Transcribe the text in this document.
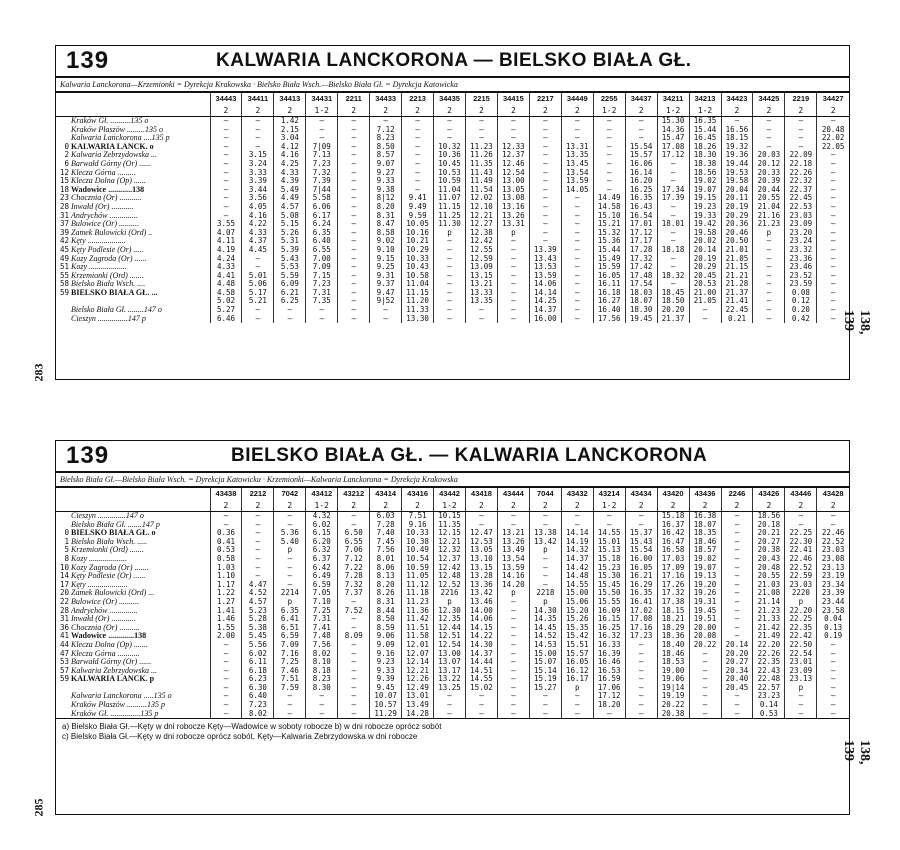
283
138, 139
139	KALWARIA LANCKORONA — BIELSKO BIAŁA GŁ.
Kalwaria Lanckorona—Krzemionki = Dyrekcja Krakowska · Bielsko Biała Wsch.—Bielsko Biała Gł. = Dyrekcja Katowicka
		34443	34411	34413	34431	2211	34433	2213	34435	2215	34415	2217	34449	2255	34437	34211	34213	34423	34425	2219	34427
		2	2	2	1-2	2	2	2	2	2	2	2	2	1-2	2	1-2	1-2	2	2	2	2
	Kraków Gł. ..........135 o	—	—	1.42	—	—	—	—	—	—	—	—	—	—	—	15.30	16.35	—	—	—	—
	Kraków Płaszów .........135 o	—	—	2.15	—	—	7.12	—	—	—	—	—	—	—	—	14.36	15.44	16.56	—	—	20.48
	Kalwaria Lanckorona ....135 p	—	—	3.04	—	—	8.23	—	—	—	—	—	—	—	—	15.47	16.45	18.15	—	—	22.02
0	KALWARIA LANCK. o	—	—	4.12	7|09	—	8.50	—	10.32	11.23	12.33	—	13.31	—	15.54	17.08	18.26	19.32	—	—	22.05
2	Kalwaria Zebrzydowska ...	—	3.15	4.16	7.13	—	8.57	—	10.36	11.26	12.37	—	13.35	—	15.57	17.12	18.30	19.36	20.03	22.09	—
6	Barwałd Górny (Or) ......	—	3.24	4.25	7.23	—	9.07	—	10.45	11.35	12.46	—	13.45	—	16.06	—	18.38	19.44	20.12	22.18	—
12	Klecza Górna .........	—	3.33	4.33	7.32	—	9.27	—	10.53	11.43	12.54	—	13.54	—	16.14	—	18.56	19.53	20.33	22.26	—
15	Klecza Dolna (Op) ......	—	3.39	4.39	7.39	—	9.33	—	10.59	11.49	13.00	—	13.59	—	16.20	—	19.02	19.58	20.39	22.32	—
18	Wadowice ............138	—	3.44	5.49	7|44	—	9.38	—	11.04	11.54	13.05	—	14.05	—	16.25	17.34	19.07	20.04	20.44	22.37	—
23	Chocznia (Or) ...........	—	3.56	4.49	5.58	—	8|12	9.41	11.07	12.02	13.08	—	—	14.49	16.35	17.39	19.15	20.11	20.55	22.45	—
28	Inwałd (Or) ...........	—	4.05	4.57	6.06	—	8.20	9.49	11.15	12.10	13.16	—	—	14.58	16.43	—	19.23	20.19	21.04	22.53	—
31	Andrychów ..............	—	4.16	5.08	6.17	—	8.31	9.59	11.25	12.21	13.26	—	—	15.10	16.54	—	19.33	20.29	21.16	23.03	—
37	Bulowice (Or) ..........	3.55	4.22	5.15	6.24	—	8.47	10.05	11.30	12.27	13.31	—	—	15.21	17.01	18.01	19.42	20.36	21.23	23.09	—
39	Zamek Bulowicki (Ord) ..	4.07	4.33	5.26	6.35	—	8.58	10.16	p	12.38	p	—	—	15.32	17.12	—	19.58	20.46	p	23.20	—
42	Kęty ...................	4.11	4.37	5.31	6.40	—	9.02	10.21	—	12.42	—	—	—	15.36	17.17	—	20.02	20.50	—	23.24	—
45	Kęty Podlesie (Or) .....	4.19	4.45	5.39	6.55	—	9.10	10.29	—	12.55	—	13.39	—	15.44	17.28	18.18	20.14	21.01	—	23.32	—
49	Kozy Zagroda (Or) ......	4.24	—	5.43	7.00	—	9.15	10.33	—	12.59	—	13.43	—	15.49	17.32	—	20.19	21.05	—	23.36	—
51	Kozy ...................	4.33	—	5.53	7.09	—	9.25	10.43	—	13.09	—	13.53	—	15.59	17.42	—	20.29	21.15	—	23.46	—
55	Krzemionki (Ord) .......	4.41	5.01	5.59	7.15	—	9.31	10.58	—	13.15	—	13.59	—	16.05	17.48	18.32	20.45	21.21	—	23.52	—
58	Bielsko Biała Wsch. ....	4.48	5.06	6.09	7.23	—	9.37	11.04	—	13.21	—	14.06	—	16.11	17.54	—	20.53	21.28	—	23.59	—
59	BIELSKO BIAŁA GŁ. ...	4.58	5.17	6.21	7.31	—	9.47	11.15	—	13.33	—	14.14	—	16.18	18.03	18.45	21.00	21.37	—	0.08	—
		5.02	5.21	6.25	7.35	—	9|52	11.20	—	13.35	—	14.25	—	16.27	18.07	18.50	21.05	21.41	—	0.12	—
	Bielsko Biała Gł. ........147 o	5.27	—	—	—	—	—	11.33	—	—	—	14.37	—	16.40	18.30	20.20	—	22.45	—	0.20	—
	Cieszyn ...............147 p	6.46	—	—	—	—	—	13.30	—	—	—	16.00	—	17.56	19.45	21.37	—	0.21	—	0.42	—
285
138, 139
139	BIELSKO BIAŁA GŁ. — KALWARIA LANCKORONA
Bielsko Biała Gł.—Bielsko Biała Wsch. = Dyrekcja Katowicka · Krzemionki—Kalwaria Lanckorona = Dyrekcja Krakowska
		43438	2212	7042	43412	43212	43414	43416	43442	43418	43444	7044	43432	43214	43434	43420	43436	2246	43426	43446	43428
		2	2	2	1-2	2	2	2	1-2	2	2	2	2	1-2	2	2	2	2	2	2	2
	Cieszyn ..............147 o	—	—	—	4.32	—	6.03	7.51	10.15	—	—	—	—	—	—	15.18	16.38	—	18.56	—	—
	Bielsko Biała Gł. .......147 p	—	—	—	6.02	—	7.28	9.16	11.35	—	—	—	—	—	—	16.37	18.07	—	20.18	—	—
0	BIELSKO BIAŁA GŁ. o	0.36	—	5.36	6.15	6.50	7.40	10.33	12.15	12.47	13.21	13.38	14.14	14.55	15.37	16.42	18.35	—	20.21	22.25	22.46
1	Bielsko Biała Wsch. .....	0.41	—	5.40	6.20	6.55	7.45	10.38	12.21	12.53	13.26	13.42	14.19	15.01	15.43	16.47	18.46	—	20.27	22.30	22.52
5	Krzemionki (Ord) .......	0.53	—	p	6.32	7.06	7.56	10.49	12.32	13.05	13.49	p	14.32	15.13	15.54	16.58	18.57	—	20.38	22.41	23.03
8	Kozy ...................	0.58	—	—	6.37	7.12	8.01	10.54	12.37	13.10	13.54	—	14.37	15.18	16.00	17.03	19.02	—	20.43	22.46	23.08
10	Kozy Zagroda (Or) .......	1.03	—	—	6.42	7.22	8.06	10.59	12.42	13.15	13.59	—	14.42	15.23	16.05	17.09	19.07	—	20.48	22.52	23.13
14	Kęty Podlesie (Or) ......	1.10	—	—	6.49	7.28	8.13	11.05	12.48	13.28	14.16	—	14.48	15.30	16.21	17.16	19.13	—	20.55	22.59	23.19
17	Kęty ....................	1.17	4.47	—	6.59	7.32	8.20	11.12	12.52	13.36	14.20	—	14.55	15.45	16.29	17.26	19.20	—	21.03	23.03	23.34
20	Zamek Bulowicki (Ord) ...	1.22	4.52	2214	7.05	7.37	8.26	11.18	2216	13.42	p	2218	15.00	15.50	16.35	17.32	19.26	—	21.08	2220	23.39
22	Bulowice (Or) ..........	1.27	4.57	p	7.10	—	8.31	11.23	p	13.46	—	p	15.06	15.55	16.41	17.38	19.31	—	21.14	p	23.44
28	Andrychów ..............	1.41	5.23	6.35	7.25	7.52	8.44	11.36	12.30	14.00	—	14.30	15.20	16.09	17.02	18.15	19.45	—	21.23	22.20	23.58
31	Inwałd (Or) ............	1.46	5.28	6.41	7.31	—	8.50	11.42	12.35	14.06	—	14.35	15.26	16.15	17.08	18.21	19.51	—	21.33	22.25	0.04
36	Chocznia (Or) ..........	1.55	5.38	6.51	7.41	—	8.59	11.51	12.44	14.15	—	14.45	15.35	16.25	17.16	18.29	20.00	—	21.42	22.35	0.13
41	Wadowice .............138	2.00	5.45	6.59	7.48	8.09	9.06	11.58	12.51	14.22	—	14.52	15.42	16.32	17.23	18.36	20.08	—	21.49	22.42	0.19
44	Klecza Dolna (Op) .......	—	5.56	7.09	7.56	—	9.09	12.01	12.54	14.30	—	14.53	15.51	16.33	—	18.40	20.22	20.14	22.20	22.50	—
47	Klecza Górna ...........	—	6.02	7.16	8.02	—	9.16	12.07	13.00	14.37	—	15.00	15.57	16.39	—	18.46	—	20.20	22.26	22.54	—
53	Barwałd Górny (Or) ......	—	6.11	7.25	8.10	—	9.23	12.14	13.07	14.44	—	15.07	16.05	16.46	—	18.53	—	20.27	22.35	23.01	—
57	Kalwaria Zebrzydowska ...	—	6.18	7.46	8.18	—	9.33	12.21	13.17	14.51	—	15.14	16.12	16.53	—	19.00	—	20.34	22.43	23.09	—
59	KALWARIA LANCK. p	—	6.23	7.51	8.23	—	9.39	12.26	13.22	14.55	—	15.19	16.17	16.59	—	19.06	—	20.40	22.48	23.13	—
		—	6.30	7.59	8.30	—	9.45	12.49	13.25	15.02	—	15.27	p	17.06	—	19|14	—	20.45	22.57	p	—
	Kalwaria Lanckorona .....135 o	—	6.40	—	—	—	10.07	13.01	—	—	—	—	—	17.12	—	19.19	—	—	23.23	—	—
	Kraków Płaszów ..........135 p	—	7.23	—	—	—	10.57	13.49	—	—	—	—	—	18.20	—	20.22	—	—	0.14	—	—
	Kraków Gł. ...............135 p	—	8.02	—	—	—	11.29	14.28	—	—	—	—	—	—	—	20.38	—	—	0.53	—	—
a) Bielsko Biała Gł.—Kęty w dni robocze Kęty—Wadowice w soboty robocze b) w dni robocze oprócz sobót
c) Bielsko Biała Gł.—Kęty w dni robocze oprócz sobót, Kęty—Kalwaria Zebrzydowska w dni robocze
